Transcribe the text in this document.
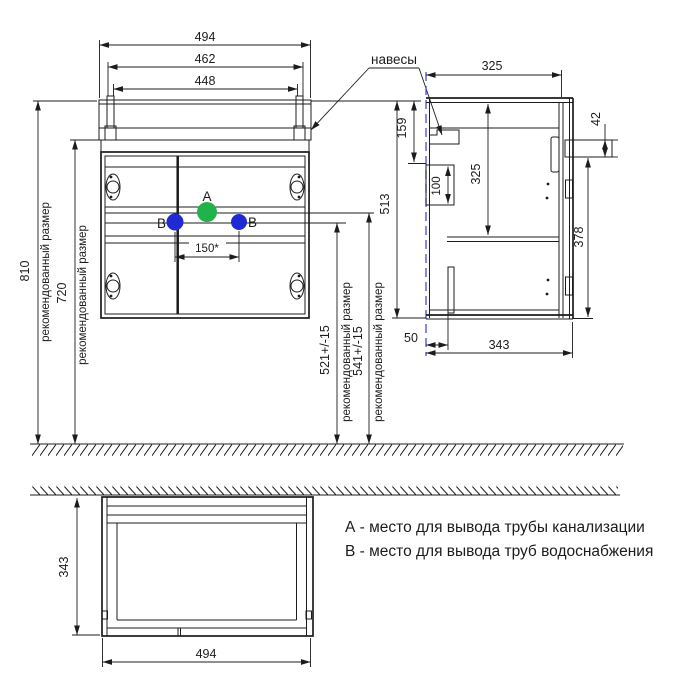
A
B	B
150*
494
462
448
810 рекомендованный размер 720 рекомендованный размер	521+/-15 рекомендованный размер
541+/-15 рекомендованный размер
навесы
100
325
159
513
325
42
378
50	343
343
494
А - место для вывода трубы канализации
В - место для вывода труб водоснабжения
